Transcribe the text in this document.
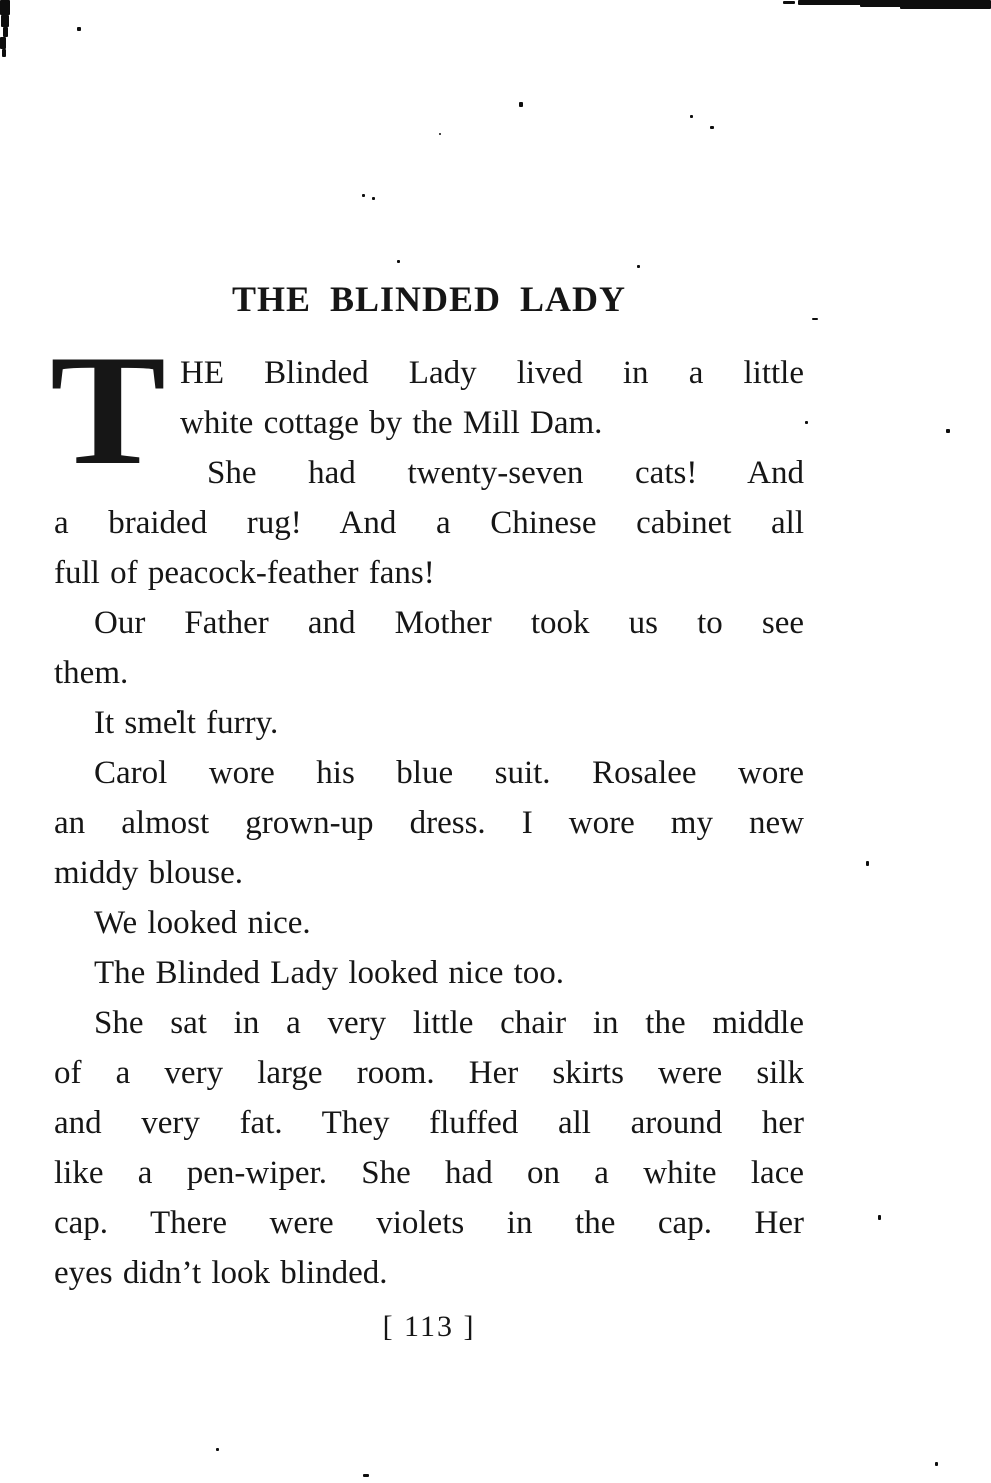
THE BLINDED LADY
T HE Blinded Lady lived in a little
white cottage by the Mill Dam.
She had twenty-seven cats! And
a braided rug! And a Chinese cabinet all
full of peacock-feather fans!
Our Father and Mother took us to see
them.
It smelt furry.
Carol wore his blue suit. Rosalee wore
an almost grown-up dress. I wore my new
middy blouse.
We looked nice.
The Blinded Lady looked nice too.
She sat in a very little chair in the middle
of a very large room. Her skirts were silk
and very fat. They fluffed all around her
like a pen-wiper. She had on a white lace
cap. There were violets in the cap. Her
eyes didn’t look blinded.
[ 113 ]
